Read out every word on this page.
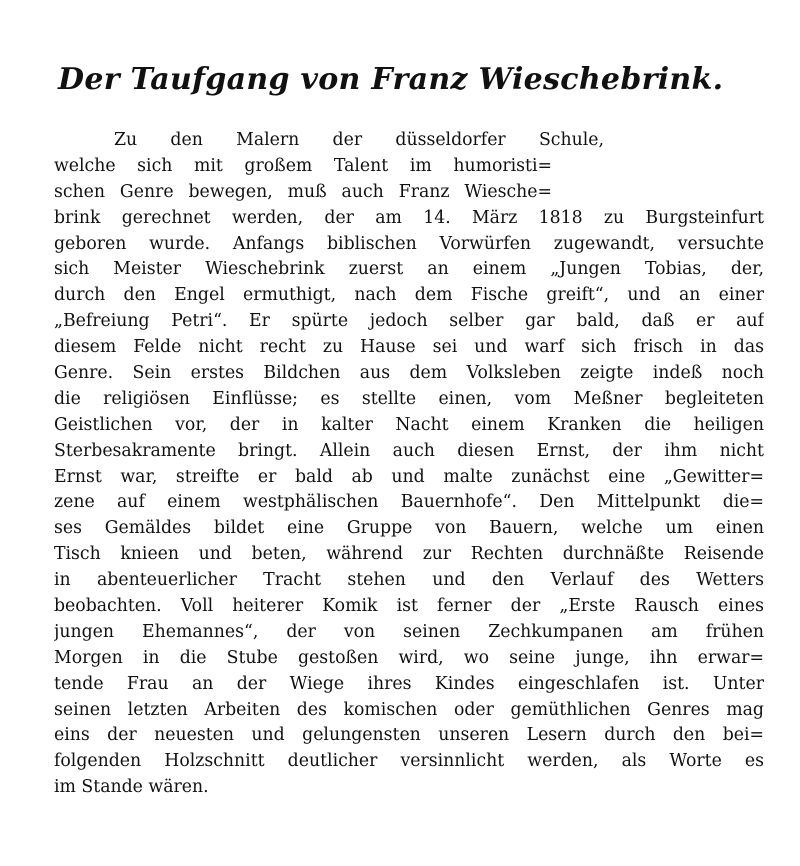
Der Taufgang von Franz Wieschebrink.
Zu den Malern der düsseldorfer Schule,
welche sich mit großem Talent im humoristi=
schen Genre bewegen, muß auch Franz Wiesche=
brink gerechnet werden, der am 14. März 1818 zu Burgsteinfurt
geboren wurde. Anfangs biblischen Vorwürfen zugewandt, versuchte
sich Meister Wieschebrink zuerst an einem „Jungen Tobias, der,
durch den Engel ermuthigt, nach dem Fische greift“, und an einer
„Befreiung Petri“. Er spürte jedoch selber gar bald, daß er auf
diesem Felde nicht recht zu Hause sei und warf sich frisch in das
Genre. Sein erstes Bildchen aus dem Volksleben zeigte indeß noch
die religiösen Einflüsse; es stellte einen, vom Meßner begleiteten
Geistlichen vor, der in kalter Nacht einem Kranken die heiligen
Sterbesakramente bringt. Allein auch diesen Ernst, der ihm nicht
Ernst war, streifte er bald ab und malte zunächst eine „Gewitter=
zene auf einem westphälischen Bauernhofe“. Den Mittelpunkt die=
ses Gemäldes bildet eine Gruppe von Bauern, welche um einen
Tisch knieen und beten, während zur Rechten durchnäßte Reisende
in abenteuerlicher Tracht stehen und den Verlauf des Wetters
beobachten. Voll heiterer Komik ist ferner der „Erste Rausch eines
jungen Ehemannes“, der von seinen Zechkumpanen am frühen
Morgen in die Stube gestoßen wird, wo seine junge, ihn erwar=
tende Frau an der Wiege ihres Kindes eingeschlafen ist. Unter
seinen letzten Arbeiten des komischen oder gemüthlichen Genres mag
eins der neuesten und gelungensten unseren Lesern durch den bei=
folgenden Holzschnitt deutlicher versinnlicht werden, als Worte es
im Stande wären.
